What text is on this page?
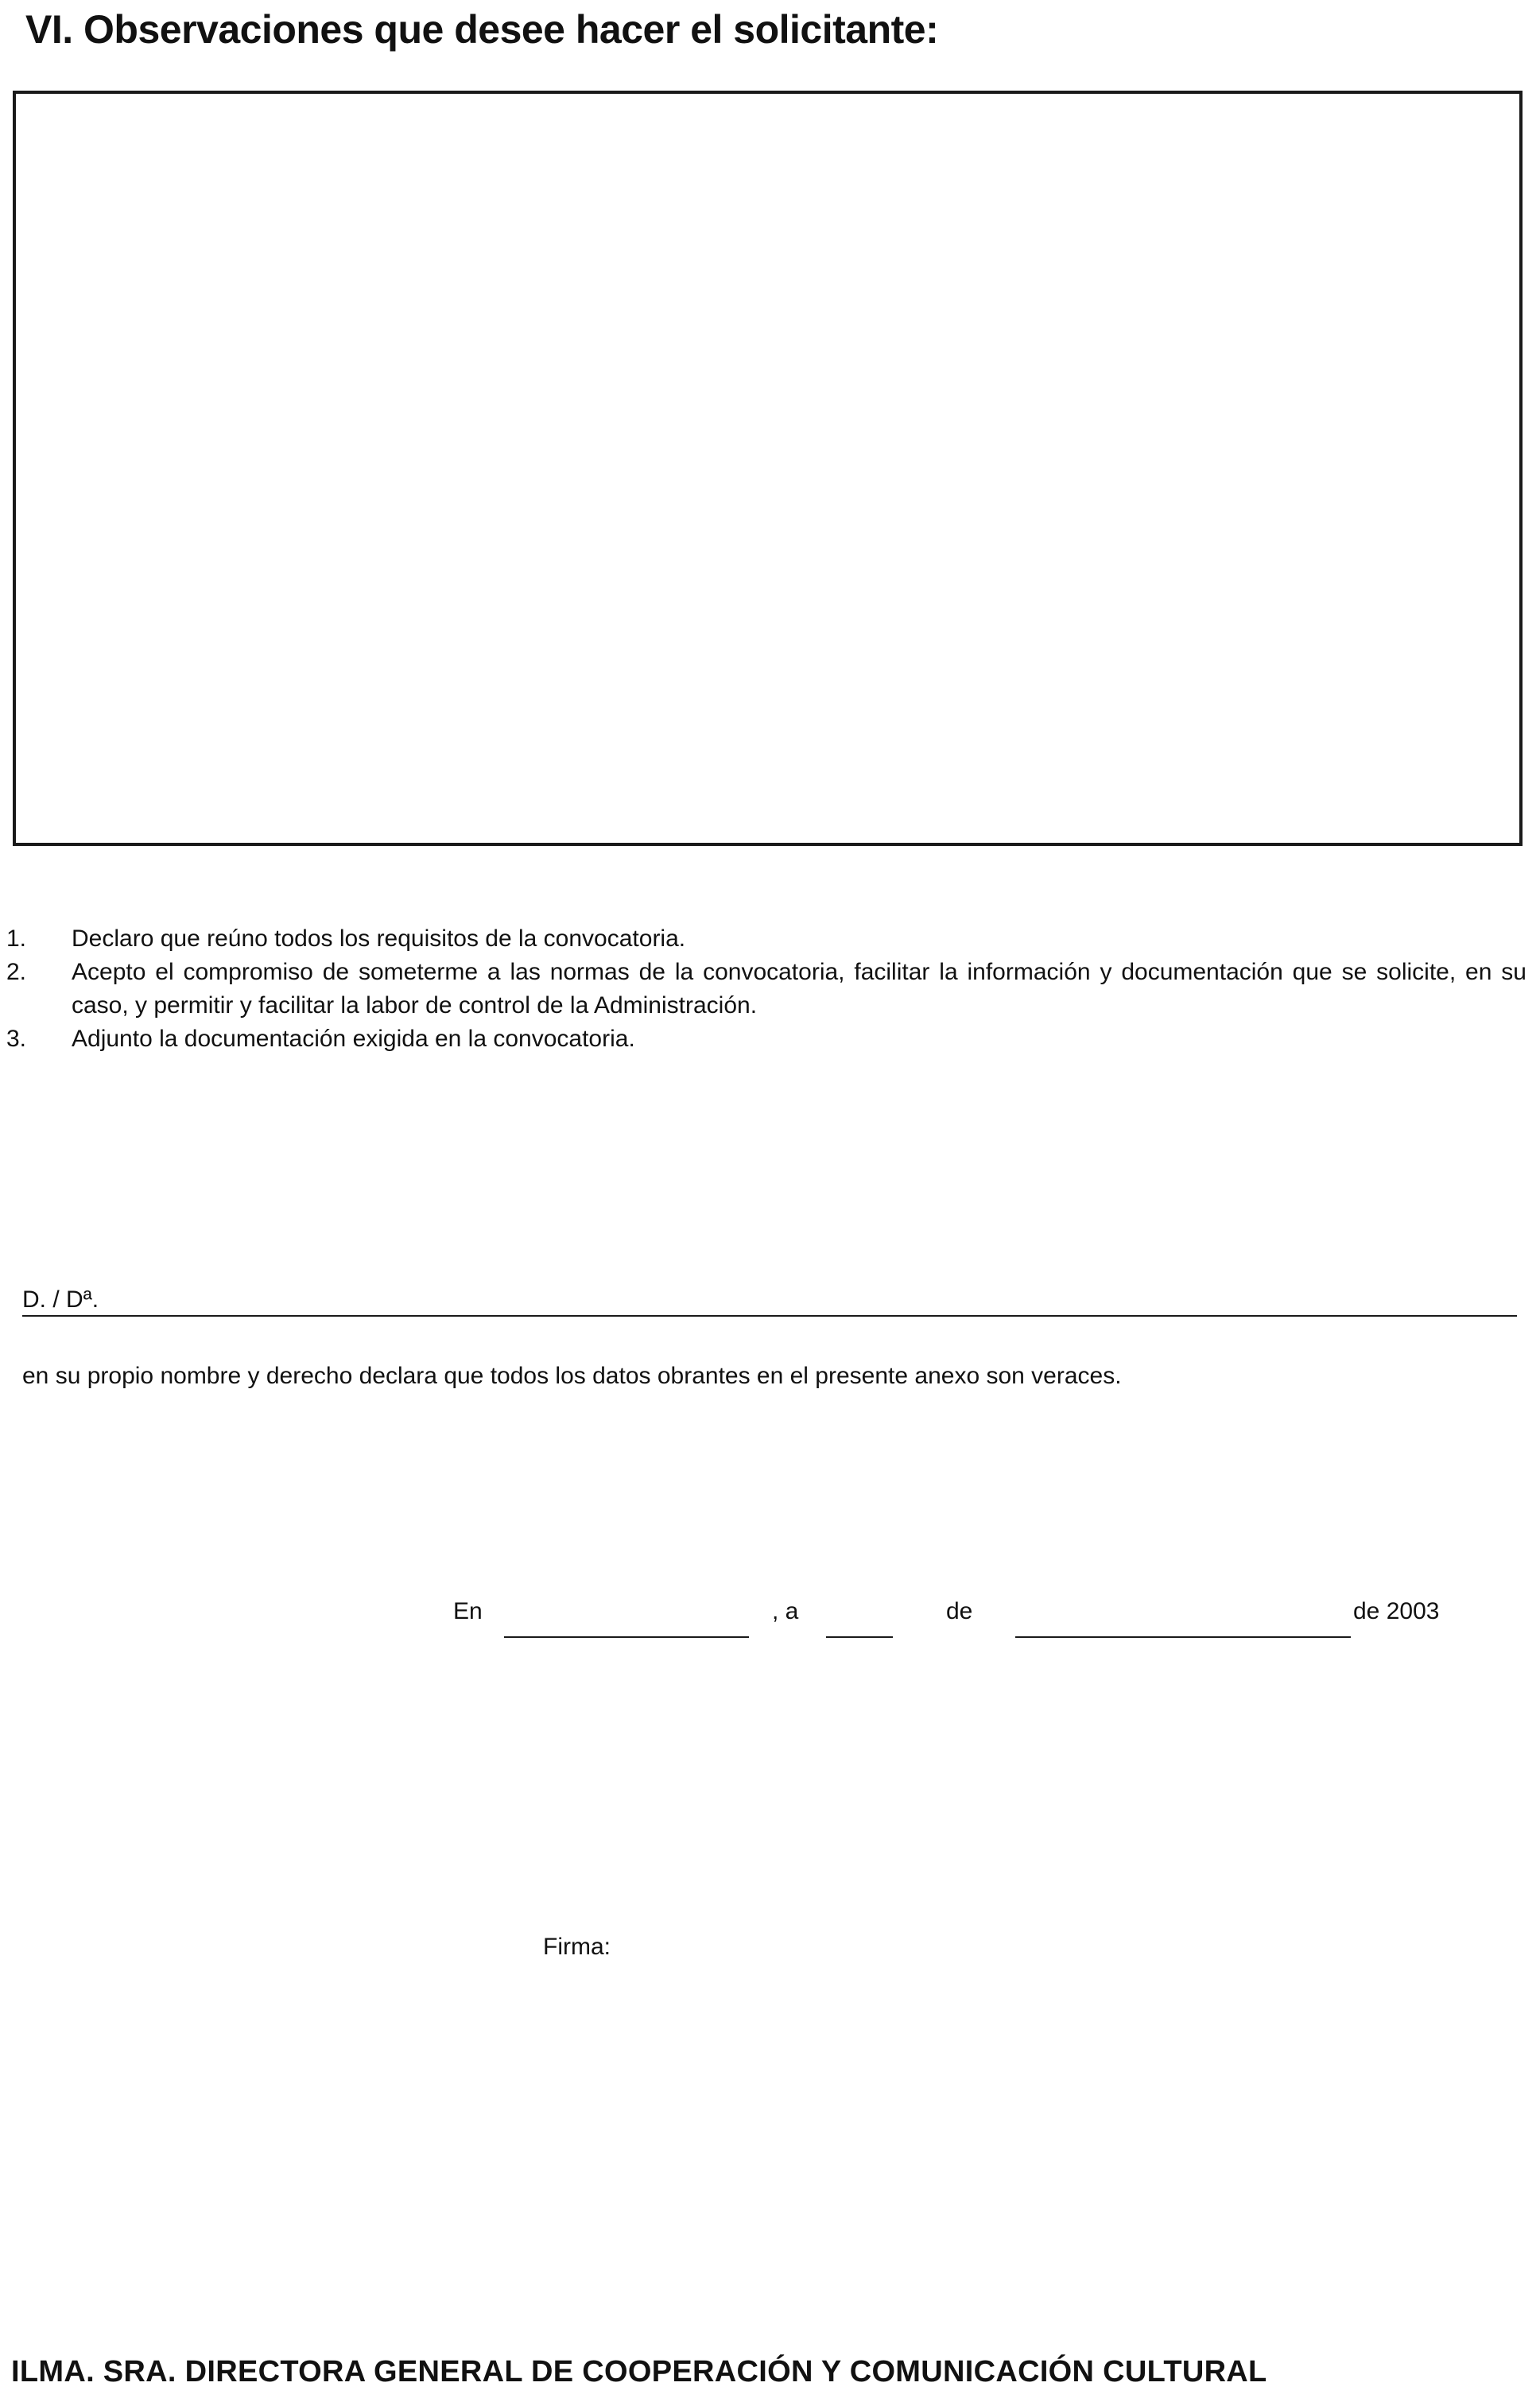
VI. Observaciones que desee hacer el solicitante:
1.	Declaro que reúno todos los requisitos de la convocatoria.
2.	Acepto el compromiso de someterme a las normas de la convocatoria, facilitar la información y documentación que se solicite, en su caso, y permitir y facilitar la labor de control de la Administración.
3.	Adjunto la documentación exigida en la convocatoria.
D. / Dª.

en su propio nombre y derecho declara que todos los datos obrantes en el presente anexo son veraces.

En	, a	de	de 2003
Firma:

ILMA. SRA. DIRECTORA GENERAL DE COOPERACIÓN Y COMUNICACIÓN CULTURAL
